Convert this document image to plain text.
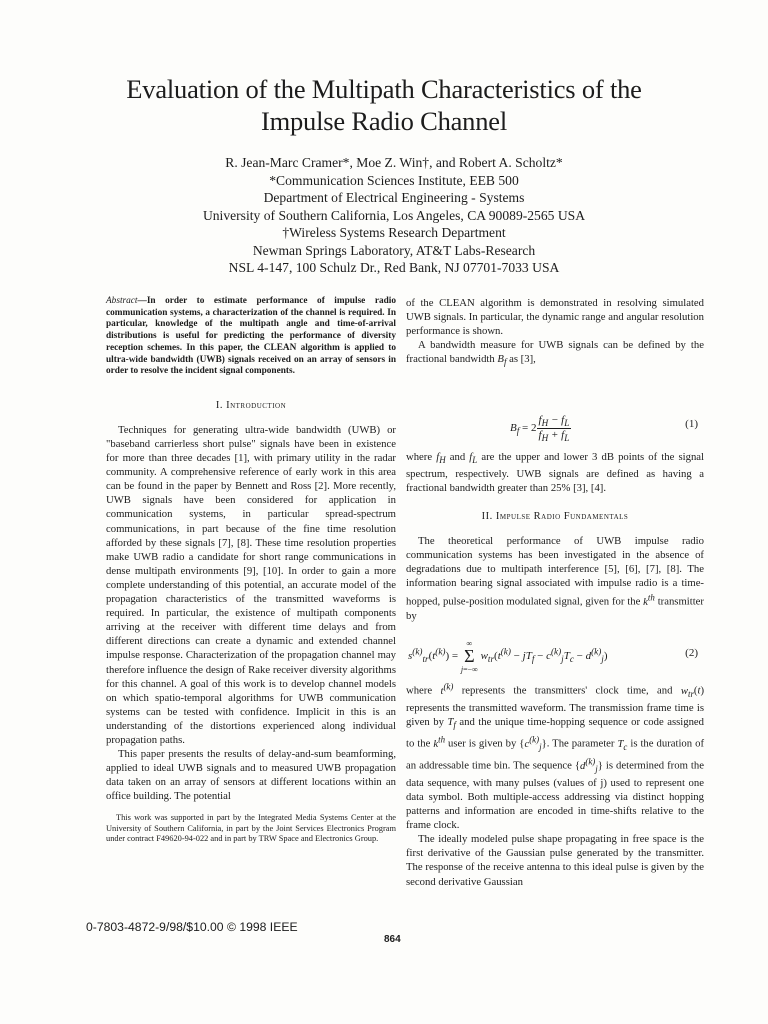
Evaluation of the Multipath Characteristics of the
Impulse Radio Channel
R. Jean-Marc Cramer*, Moe Z. Win†, and Robert A. Scholtz*
*Communication Sciences Institute, EEB 500
Department of Electrical Engineering - Systems
University of Southern California, Los Angeles, CA 90089-2565 USA
†Wireless Systems Research Department
Newman Springs Laboratory, AT&T Labs-Research
NSL 4-147, 100 Schulz Dr., Red Bank, NJ 07701-7033 USA

Abstract—In order to estimate performance of impulse radio communication systems, a characterization of the channel is required. In particular, knowledge of the multipath angle and time-of-arrival distributions is useful for predicting the performance of diversity reception schemes. In this paper, the CLEAN algorithm is applied to ultra-wide bandwidth (UWB) signals received on an array of sensors in order to resolve the incident signal components.

I. Introduction

Techniques for generating ultra-wide bandwidth (UWB) or "baseband carrierless short pulse" signals have been in existence for more than three decades [1], with primary utility in the radar community. A comprehensive reference of early work in this area can be found in the paper by Bennett and Ross [2]. More recently, UWB signals have been considered for application in communication systems, in particular spread-spectrum communications, in part because of the fine time resolution afforded by these signals [7], [8]. These time resolution properties make UWB radio a candidate for short range communications in dense multipath environments [9], [10]. In order to gain a more complete understanding of this potential, an accurate model of the propagation characteristics of the transmitted waveforms is required. In particular, the existence of multipath components arriving at the receiver with different time delays and from different directions can create a dynamic and extended channel impulse response. Characterization of the propagation channel may therefore influence the design of Rake receiver diversity algorithms for this channel. A goal of this work is to develop channel models on which spatio-temporal algorithms for UWB communication systems can be tested with confidence. Implicit in this is an understanding of the distortions experienced along individual propagation paths.

This paper presents the results of delay-and-sum beamforming, applied to ideal UWB signals and to measured UWB propagation data taken on an array of sensors at different locations within an office building. The potential

This work was supported in part by the Integrated Media Systems Center at the University of Southern California, in part by the Joint Services Electronics Program under contract F49620-94-022 and in part by TRW Space and Electronics Group.

of the CLEAN algorithm is demonstrated in resolving simulated UWB signals. In particular, the dynamic range and angular resolution performance is shown.

A bandwidth measure for UWB signals can be defined by the fractional bandwidth $B_f$ as [3],

$B_f = 2 \frac{f_H - f_L}{f_H + f_L}$	(1)

where $f_H$ and $f_L$ are the upper and lower 3 dB points of the signal spectrum, respectively. UWB signals are defined as having a fractional bandwidth greater than 25% [3], [4].

II. Impulse Radio Fundamentals

The theoretical performance of UWB impulse radio communication systems has been investigated in the absence of degradations due to multipath interference [5], [6], [7], [8]. The information bearing signal associated with impulse radio is a time-hopped, pulse-position modulated signal, given for the $k^{th}$ transmitter by

$s^{(k)}_{tr}(t^{(k)})$ = ∞
Σ
j=−∞ $w_{tr}(t^{(k)} - jT_f - c^{(k)}_jT_c - d^{(k)}_j)$	(2)

where $t^{(k)}$ represents the transmitters' clock time, and $w_{tr}(t)$ represents the transmitted waveform. The transmission frame time is given by $T_f$ and the unique time-hopping sequence or code assigned to the $k^{th}$ user is given by $\{c^{(k)}_j\}$. The parameter $T_c$ is the duration of an addressable time bin. The sequence $\{d^{(k)}_j\}$ is determined from the data sequence, with many pulses (values of j) used to represent one data symbol. Both multiple-access addressing via distinct hopping patterns and information are encoded in time-shifts relative to the frame clock.

The ideally modeled pulse shape propagating in free space is the first derivative of the Gaussian pulse generated by the transmitter. The response of the receive antenna to this ideal pulse is given by the second derivative Gaussian

0-7803-4872-9/98/$10.00 © 1998 IEEE
864
